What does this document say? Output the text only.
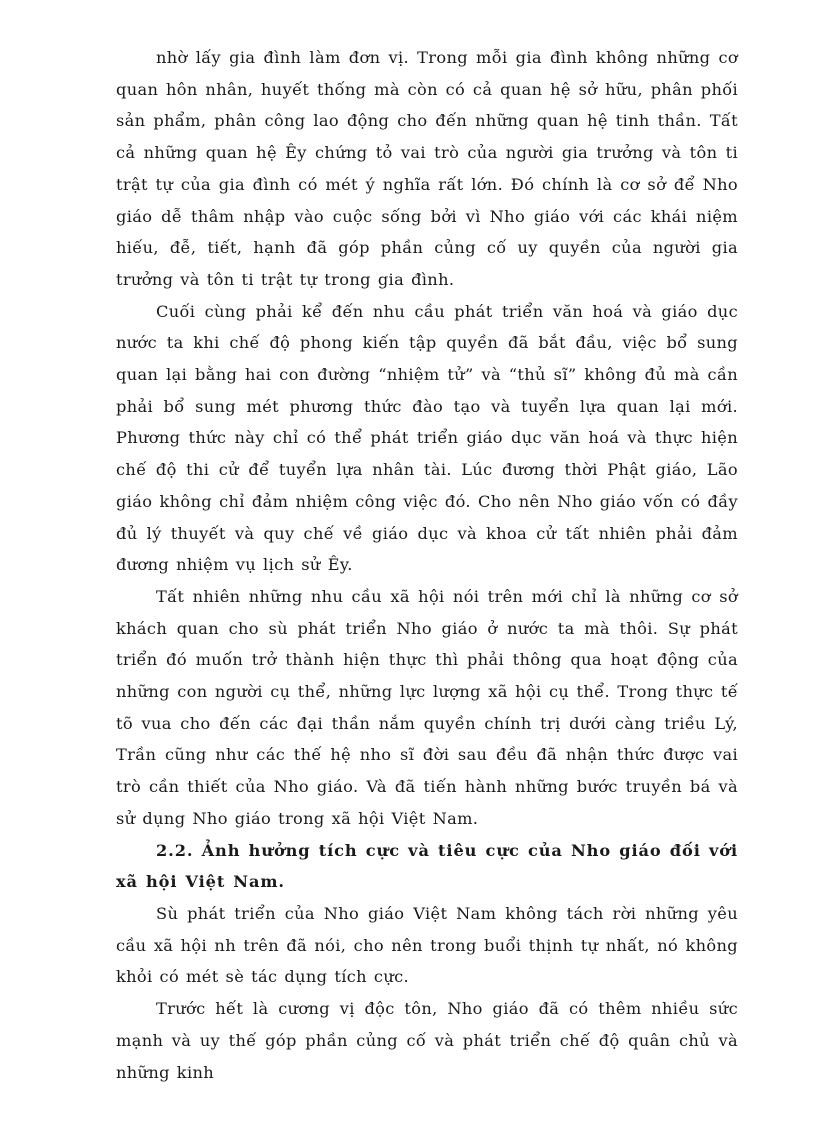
nhờ lấy gia đình làm đơn vị. Trong mỗi gia đình không những cơ quan hôn nhân, huyết thống mà còn có cả quan hệ sở hữu, phân phối sản phẩm, phân công lao động cho đến những quan hệ tinh thần. Tất cả những quan hệ Êy chứng tỏ vai trò của người gia trưởng và tôn ti trật tự của gia đình có mét ý nghĩa rất lớn. Đó chính là cơ sở để Nho giáo dễ thâm nhập vào cuộc sống bởi vì Nho giáo với các khái niệm hiếu, đễ, tiết, hạnh đã góp phần củng cố uy quyền của người gia trưởng và tôn ti trật tự trong gia đình.

Cuối cùng phải kể đến nhu cầu phát triển văn hoá và giáo dục nước ta khi chế độ phong kiến tập quyền đã bắt đầu, việc bổ sung quan lại bằng hai con đường “nhiệm tử” và “thủ sĩ” không đủ mà cần phải bổ sung mét phương thức đào tạo và tuyển lựa quan lại mới. Phương thức này chỉ có thể phát triển giáo dục văn hoá và thực hiện chế độ thi cử để tuyển lựa nhân tài. Lúc đương thời Phật giáo, Lão giáo không chỉ đảm nhiệm công việc đó. Cho nên Nho giáo vốn có đầy đủ lý thuyết và quy chế về giáo dục và khoa cử tất nhiên phải đảm đương nhiệm vụ lịch sử Êy.

Tất nhiên những nhu cầu xã hội nói trên mới chỉ là những cơ sở khách quan cho sù phát triển Nho giáo ở nước ta mà thôi. Sự phát triển đó muốn trở thành hiện thực thì phải thông qua hoạt động của những con người cụ thể, những lực lượng xã hội cụ thể. Trong thực tế tõ vua cho đến các đại thần nắm quyền chính trị dưới càng triều Lý, Trần cũng như các thế hệ nho sĩ đời sau đều đã nhận thức được vai trò cần thiết của Nho giáo. Và đã tiến hành những bước truyền bá và sử dụng Nho giáo trong xã hội Việt Nam.

2.2. Ảnh hưởng tích cực và tiêu cực của Nho giáo đối với xã hội Việt Nam.

Sù phát triển của Nho giáo Việt Nam không tách rời những yêu cầu xã hội nh trên đã nói, cho nên trong buổi thịnh tự nhất, nó không khỏi có mét sè tác dụng tích cực.

Trước hết là cương vị độc tôn, Nho giáo đã có thêm nhiều sức mạnh và uy thế góp phần củng cố và phát triển chế độ quân chủ và những kinh
